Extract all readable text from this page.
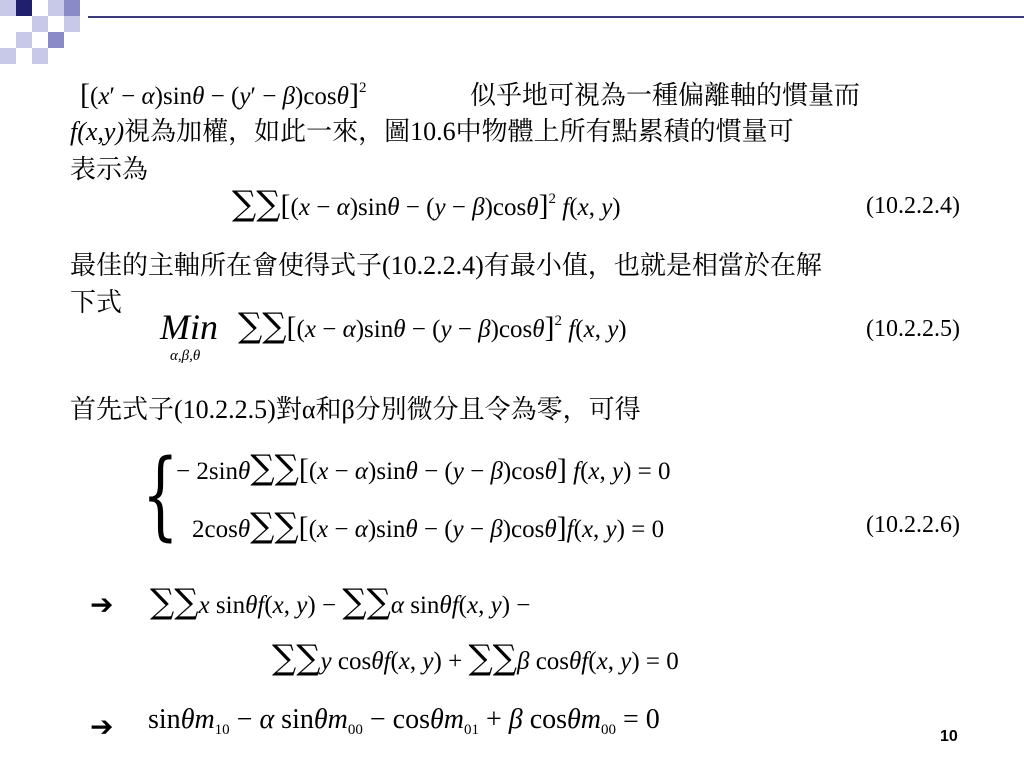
$[(x' - \alpha)\sin\theta - (y' - \beta)\cos\theta]^2$	似乎地可視為一種偏離軸的慣量而
f(x,y)視為加權，如此一來，圖10.6中物體上所有點累積的慣量可
表示為
$\sum\sum[(x - \alpha)\sin\theta - (y - \beta)\cos\theta]^2$ f(x, y)	(10.2.2.4)
最佳的主軸所在會使得式子(10.2.2.4)有最小值，也就是相當於在解
下式
Min
α,β,θ
$\sum\sum[(x - \alpha)\sin\theta - (y - \beta)\cos\theta]^2$ f(x, y)	(10.2.2.5)
首先式子(10.2.2.5)對α和β分別微分且令為零，可得
{
− 2sinθ∑∑[(x − α)sinθ − (y − β)cosθ] f(x, y) = 0
2cosθ∑∑[(x − α)sinθ − (y − β)cosθ]f(x, y) = 0	(10.2.2.6)
➔ ∑∑x sinθf(x, y) − ∑∑α sinθf(x, y) −
∑∑y cosθf(x, y) + ∑∑β cosθf(x, y) = 0
➔ sinθm$_{10}$ − α sinθm$_{00}$ − cosθm$_{01}$ + β cosθm$_{00}$ = 0
10
